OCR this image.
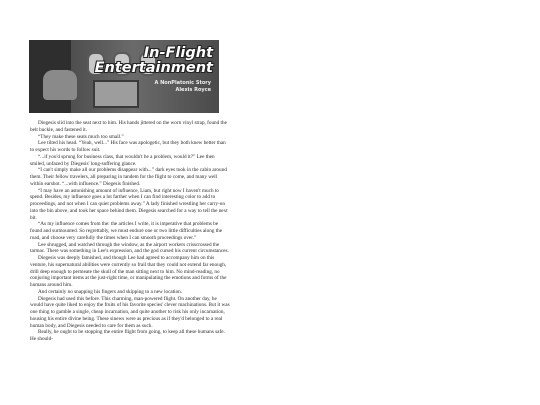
In-Flight
Entertainment
A NonPlatonic Story
Alexis Royce

Diegesis slid into the seat next to him. His hands jittered on the worn vinyl strap, found the belt buckle, and fastened it.

“They make these seats much too small.”

Lee tilted his head. “Yeah, well...” His face was apologetic, but they both knew better than to expect his words to follow suit.

“...if you'd sprung for business class, that wouldn't be a problem, would it?” Lee then smiled, unfazed by Diegesis' long-suffering glance.

“I can't simply make all our problems disappear with...” dark eyes took in the cabin around them. Their fellow travelers, all preparing in tandem for the flight to come, and many well within earshot. “...with influence.” Diegesis finished.

“I may have an astonishing amount of influence, Liam, but right now I haven't much to spend. Besides, my influence goes a lot farther when I can find interesting color to add to proceedings, and not when I can quiet problems away.” A lady finished wrestling her carry-on into the bin above, and took her space behind them. Diegesis searched for a way to tell the next bit.

“As my influence comes from the: the articles I write, it is imperative that problems be found and surmounted. So regrettably, we must endure one or two little difficulties along the road, and choose very carefully the times when I can smooth proceedings over.”

Lee shrugged, and watched through the window, as the airport workers crisscrossed the tarmac. There was something in Lee's expression, and the god cursed his current circumstances.

Diegesis was deeply famished, and though Lee had agreed to accompany him on this venture, his supernatural abilities were currently so frail that they could not extend far enough, drill deep enough to permeate the skull of the man sitting next to him. No mind-reading, no conjuring important items at the just-right time, or manipulating the emotions and forms of the humans around him.

And certainly no snapping his fingers and skipping to a new location.

Diegesis had used this before. This charming, man-powered flight. On another day, he would have quite liked to enjoy the fruits of his favorite species' clever machinations. But it was one thing to gamble a single, cheap incarnation, and quite another to risk his only incarnation, housing his entire divine being. These sinews were as precious as if they'd belonged to a real human body, and Diegesis needed to care for them as such.

Really, he ought to be stopping the entire flight from going, to keep all these humans safe. He should-
